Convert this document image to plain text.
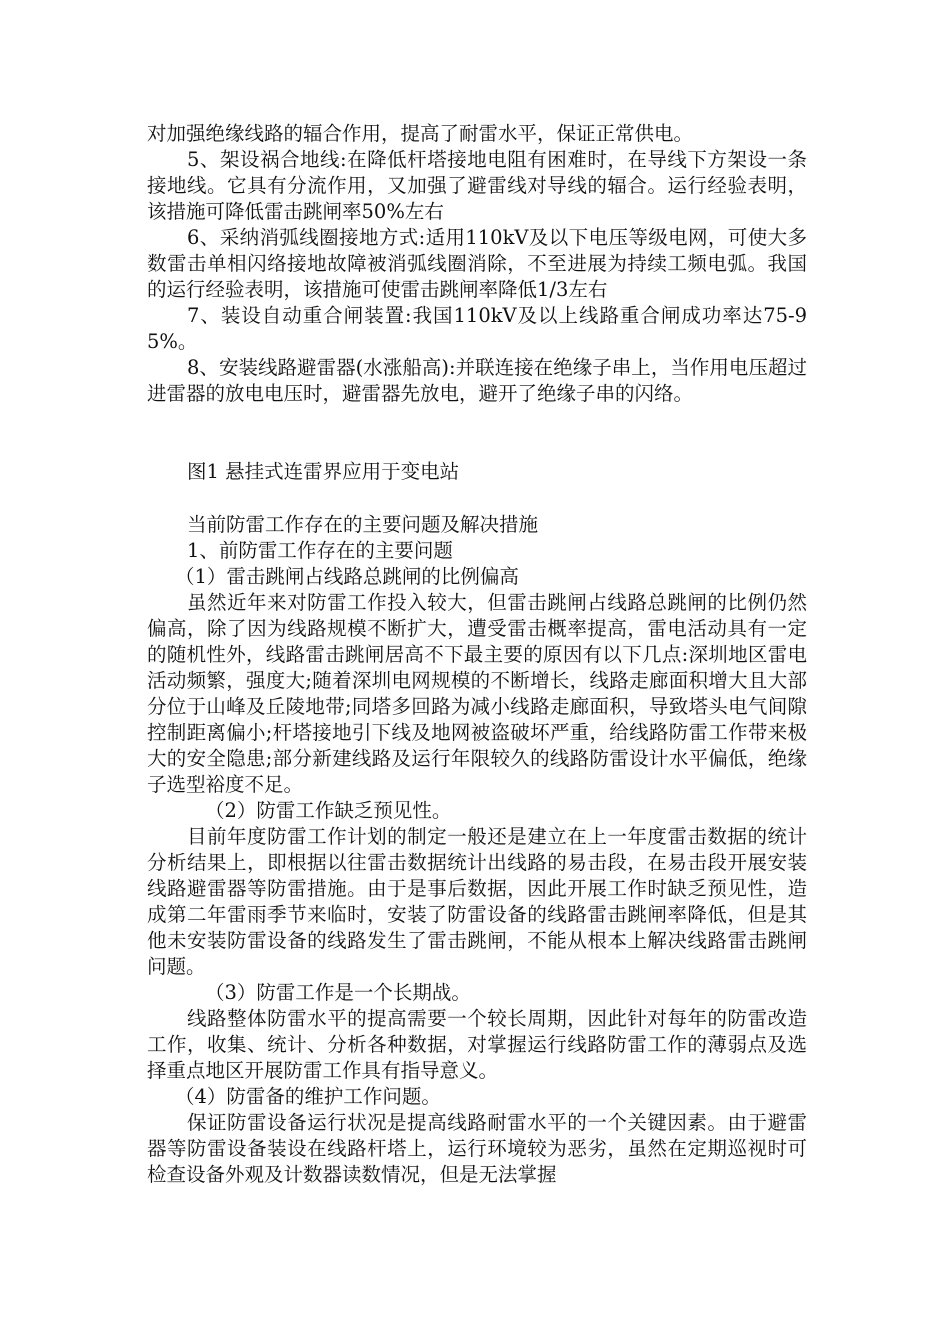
对加强绝缘线路的辐合作用，提高了耐雷水平，保证正常供电。

5、架设祸合地线:在降低杆塔接地电阻有困难时，在导线下方架设一条接地线。它具有分流作用，又加强了避雷线对导线的辐合。运行经验表明，该措施可降低雷击跳闸率50%左右

6、采纳消弧线圈接地方式:适用110kV及以下电压等级电网，可使大多数雷击单相闪络接地故障被消弧线圈消除，不至进展为持续工频电弧。我国的运行经验表明，该措施可使雷击跳闸率降低1/3左右

7、装设自动重合闸装置:我国110kV及以上线路重合闸成功率达75-95%。

8、安装线路避雷器(水涨船高):并联连接在绝缘子串上，当作用电压超过进雷器的放电电压时，避雷器先放电，避开了绝缘子串的闪络。

图1 悬挂式连雷界应用于变电站

当前防雷工作存在的主要问题及解决措施

1、前防雷工作存在的主要问题

（1）雷击跳闸占线路总跳闸的比例偏高

虽然近年来对防雷工作投入较大，但雷击跳闸占线路总跳闸的比例仍然偏高，除了因为线路规模不断扩大，遭受雷击概率提高，雷电活动具有一定的随机性外，线路雷击跳闸居高不下最主要的原因有以下几点:深圳地区雷电活动频繁，强度大;随着深圳电网规模的不断增长，线路走廊面积增大且大部分位于山峰及丘陵地带;同塔多回路为减小线路走廊面积，导致塔头电气间隙控制距离偏小;杆塔接地引下线及地网被盗破坏严重，给线路防雷工作带来极大的安全隐患;部分新建线路及运行年限较久的线路防雷设计水平偏低，绝缘子选型裕度不足。

（2）防雷工作缺乏预见性。

目前年度防雷工作计划的制定一般还是建立在上一年度雷击数据的统计分析结果上，即根据以往雷击数据统计出线路的易击段，在易击段开展安装线路避雷器等防雷措施。由于是事后数据，因此开展工作时缺乏预见性，造成第二年雷雨季节来临时，安装了防雷设备的线路雷击跳闸率降低，但是其他未安装防雷设备的线路发生了雷击跳闸，不能从根本上解决线路雷击跳闸问题。

（3）防雷工作是一个长期战。

线路整体防雷水平的提高需要一个较长周期，因此针对每年的防雷改造工作，收集、统计、分析各种数据，对掌握运行线路防雷工作的薄弱点及选择重点地区开展防雷工作具有指导意义。

（4）防雷备的维护工作问题。

保证防雷设备运行状况是提高线路耐雷水平的一个关键因素。由于避雷器等防雷设备装设在线路杆塔上，运行环境较为恶劣，虽然在定期巡视时可检查设备外观及计数器读数情况，但是无法掌握
